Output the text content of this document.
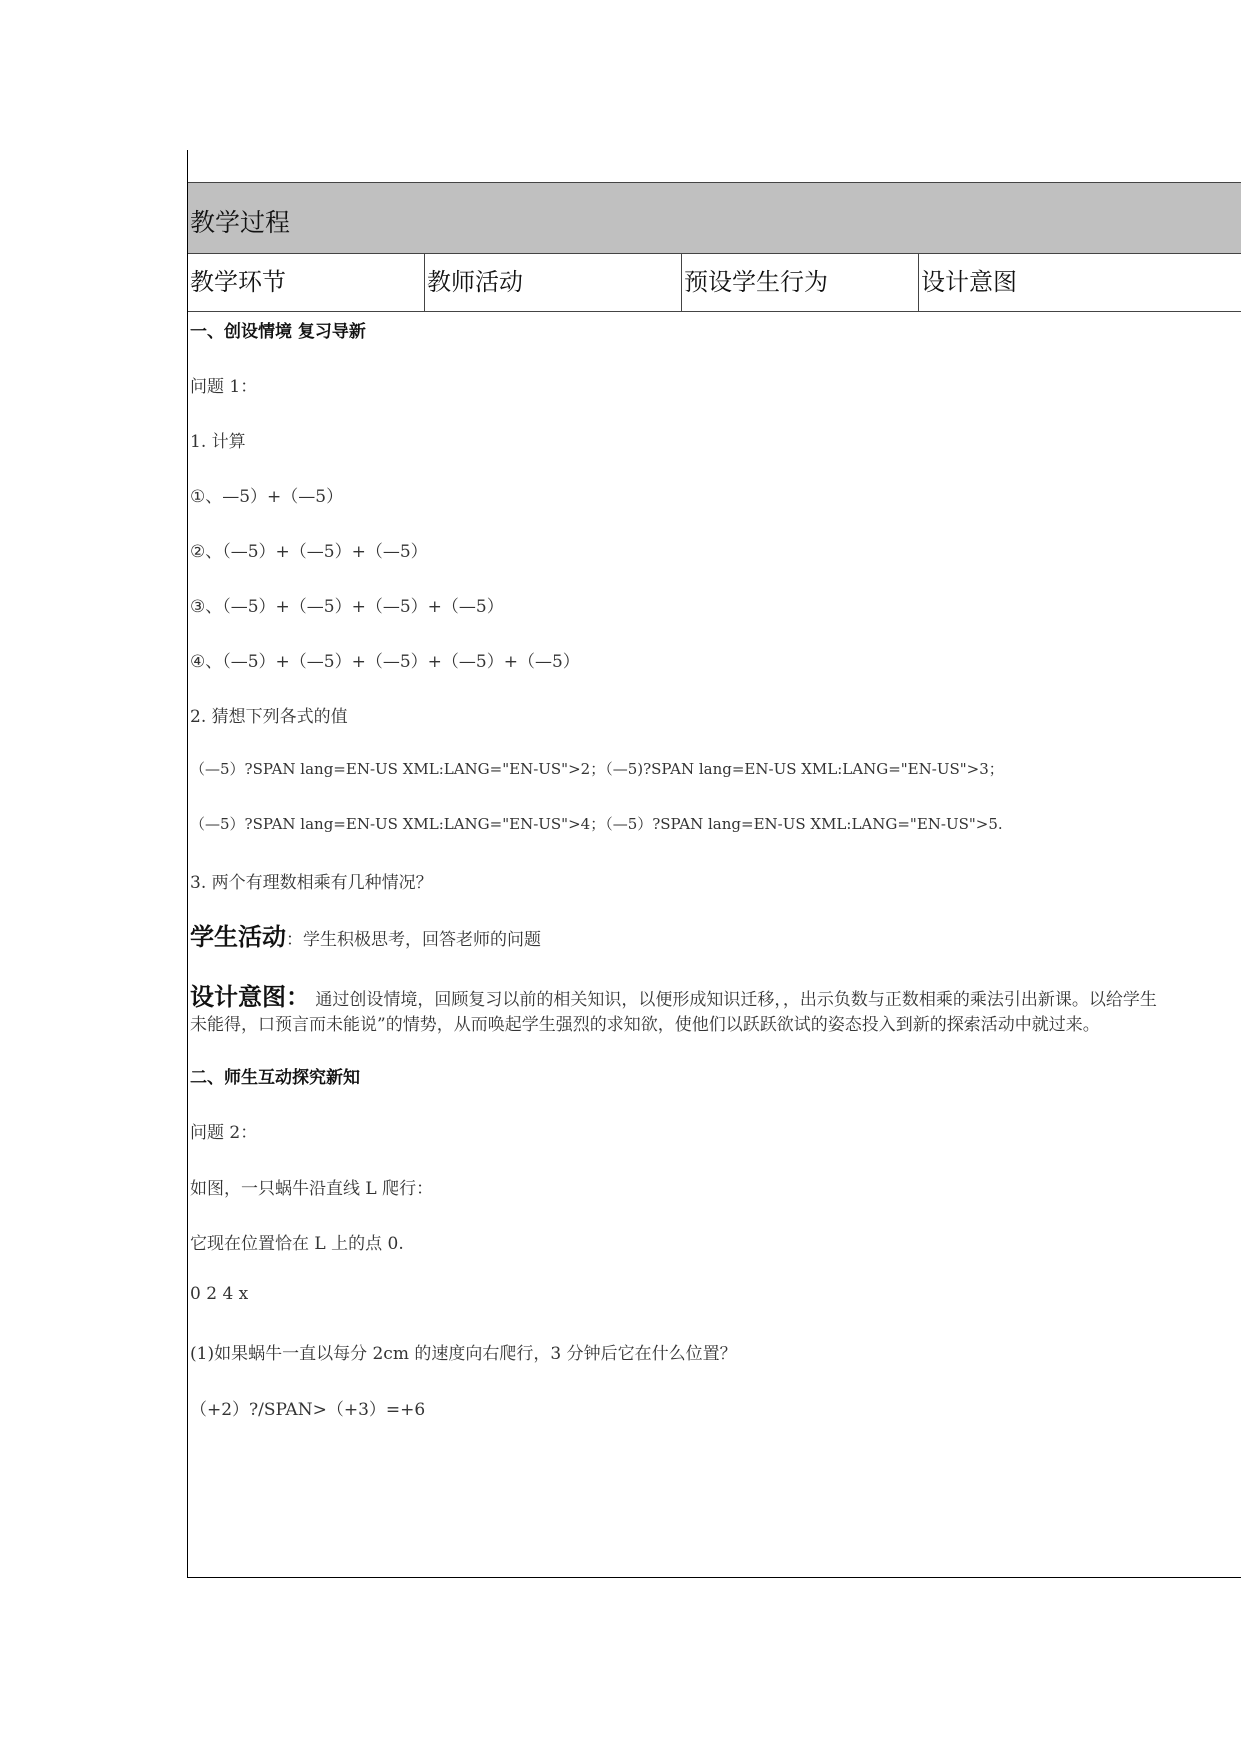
教学过程
教学环节	教师活动	预设学生行为	设计意图
一、创设情境 复习导新
问题 1：
1. 计算
①、—5）+（—5）
②、（—5）+（—5）+（—5）
③、（—5）+（—5）+（—5）+（—5）
④、（—5）+（—5）+（—5）+（—5）+（—5）
2. 猜想下列各式的值
（—5）?SPAN lang=EN-US XML:LANG="EN-US">2；（—5)?SPAN lang=EN-US XML:LANG="EN-US">3；
（—5）?SPAN lang=EN-US XML:LANG="EN-US">4；（—5）?SPAN lang=EN-US XML:LANG="EN-US">5.
3. 两个有理数相乘有几种情况？
学生活动：学生积极思考，回答老师的问题
设计意图： 通过创设情境，回顾复习以前的相关知识，以便形成知识迁移，，出示负数与正数相乘的乘法引出新课。以给学生
未能得，口预言而未能说”的情势，从而唤起学生强烈的求知欲，使他们以跃跃欲试的姿态投入到新的探索活动中就过来。
二、师生互动探究新知
问题 2：
如图，一只蜗牛沿直线 L 爬行：
它现在位置恰在 L 上的点 0.
0 2 4 x
(1)如果蜗牛一直以每分 2cm 的速度向右爬行，3 分钟后它在什么位置？
（+2）?/SPAN>（+3）=+6
